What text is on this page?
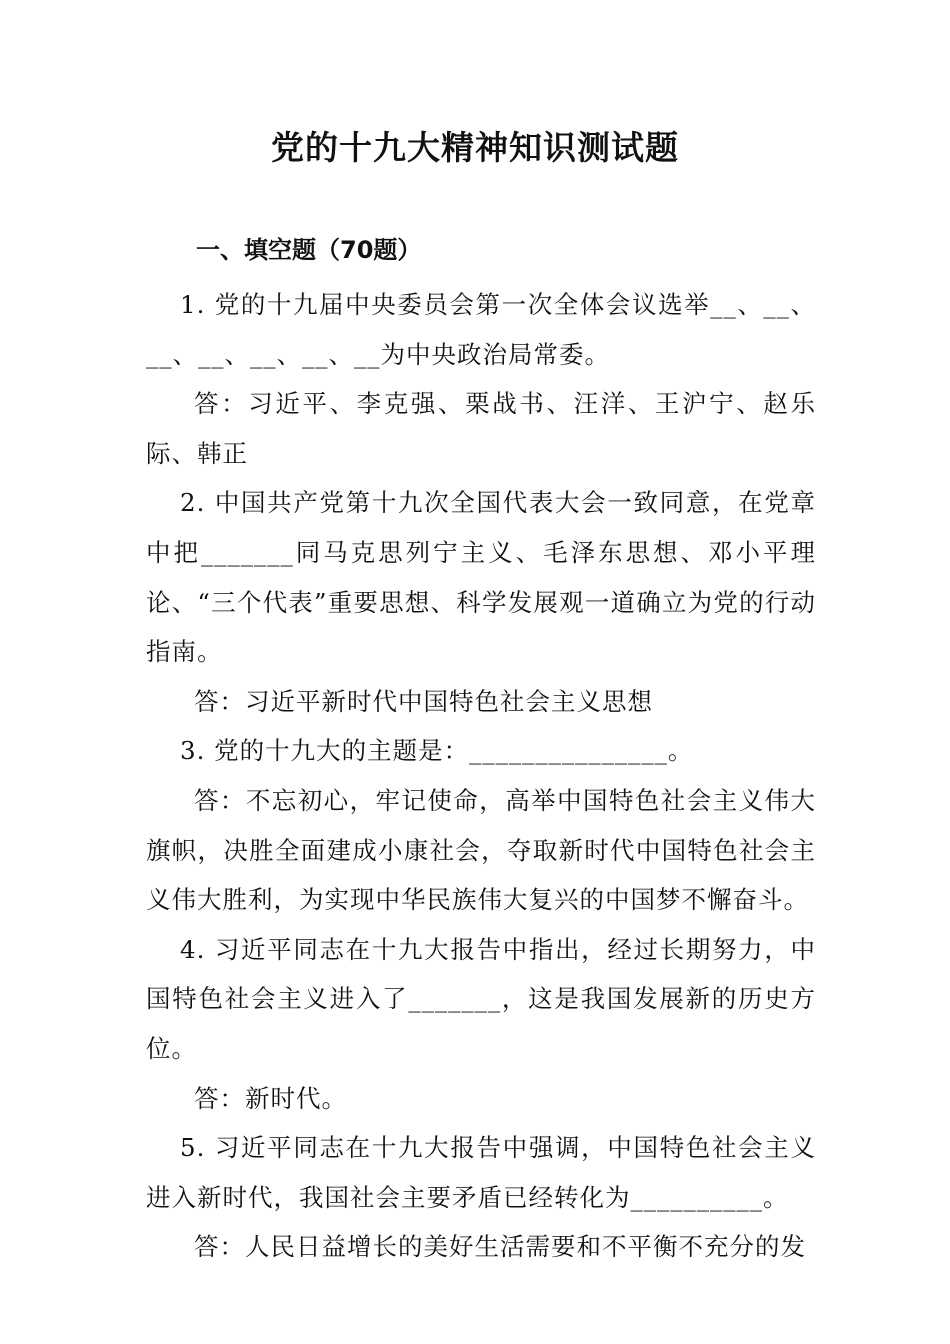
党的十九大精神知识测试题
一、填空题（70题）

1. 党的十九届中央委员会第一次全体会议选举__、__、__、__、__、__、__为中央政治局常委。

答：习近平、李克强、栗战书、汪洋、王沪宁、赵乐际、韩正

2. 中国共产党第十九次全国代表大会一致同意，在党章中把_______同马克思列宁主义、毛泽东思想、邓小平理论、“三个代表”重要思想、科学发展观一道确立为党的行动指南。

答：习近平新时代中国特色社会主义思想

3. 党的十九大的主题是：_______________。

答：不忘初心，牢记使命，高举中国特色社会主义伟大旗帜，决胜全面建成小康社会，夺取新时代中国特色社会主义伟大胜利，为实现中华民族伟大复兴的中国梦不懈奋斗。

4. 习近平同志在十九大报告中指出，经过长期努力，中国特色社会主义进入了_______，这是我国发展新的历史方位。

答：新时代。

5. 习近平同志在十九大报告中强调，中国特色社会主义进入新时代，我国社会主要矛盾已经转化为__________。

答：人民日益增长的美好生活需要和不平衡不充分的发
